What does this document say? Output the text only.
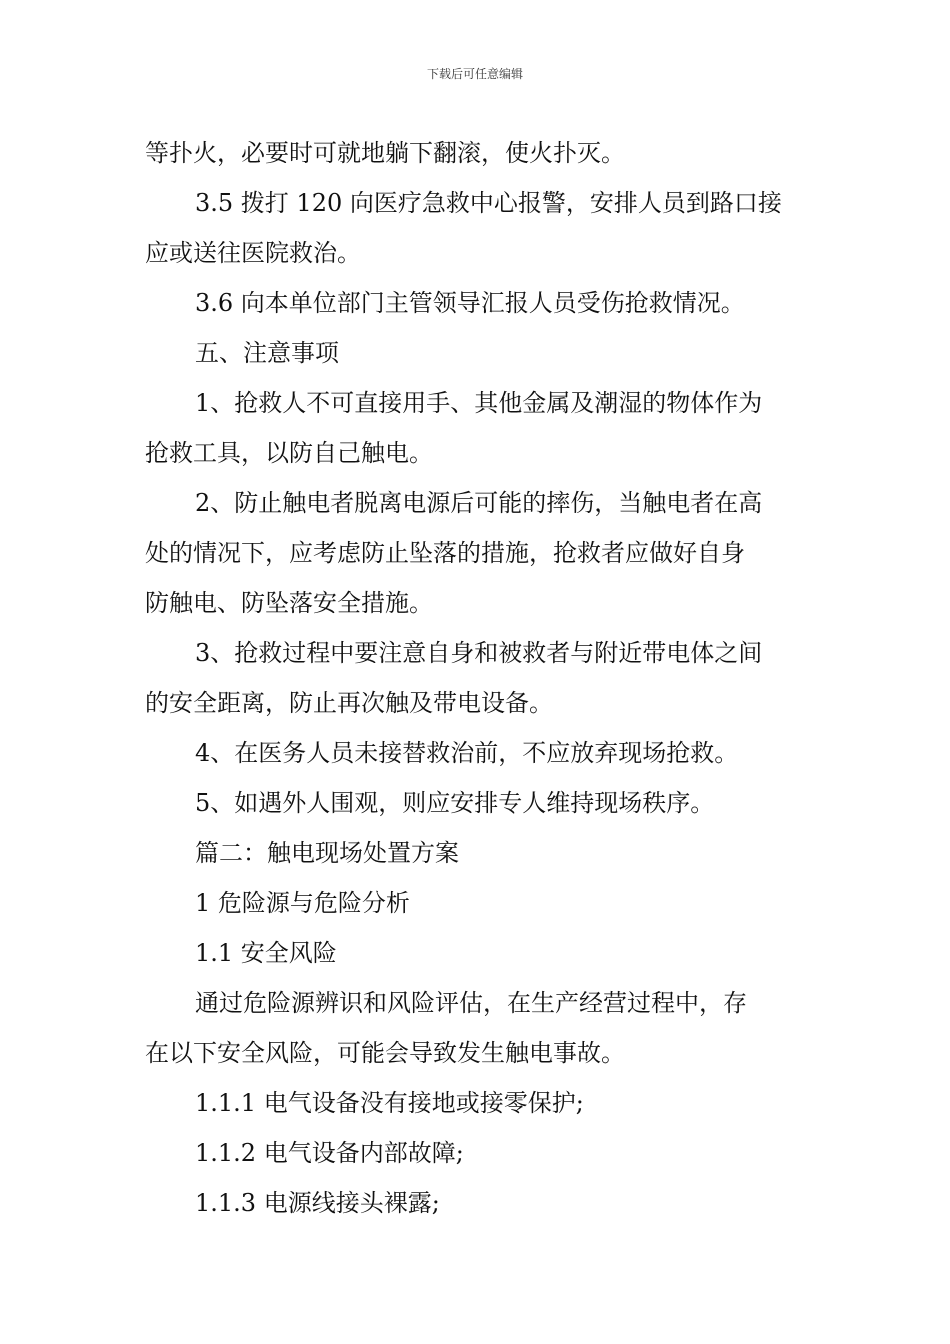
下载后可任意编辑

等扑火，必要时可就地躺下翻滚，使火扑灭。

3.5 拨打 120 向医疗急救中心报警，安排人员到路口接

应或送往医院救治。

3.6 向本单位部门主管领导汇报人员受伤抢救情况。

五、注意事项

1、抢救人不可直接用手、其他金属及潮湿的物体作为

抢救工具，以防自己触电。

2、防止触电者脱离电源后可能的摔伤，当触电者在高

处的情况下，应考虑防止坠落的措施，抢救者应做好自身

防触电、防坠落安全措施。

3、抢救过程中要注意自身和被救者与附近带电体之间

的安全距离，防止再次触及带电设备。

4、在医务人员未接替救治前，不应放弃现场抢救。

5、如遇外人围观，则应安排专人维持现场秩序。

篇二：触电现场处置方案

1 危险源与危险分析

1.1 安全风险

通过危险源辨识和风险评估，在生产经营过程中，存

在以下安全风险，可能会导致发生触电事故。

1.1.1 电气设备没有接地或接零保护;

1.1.2 电气设备内部故障;

1.1.3 电源线接头裸露;
